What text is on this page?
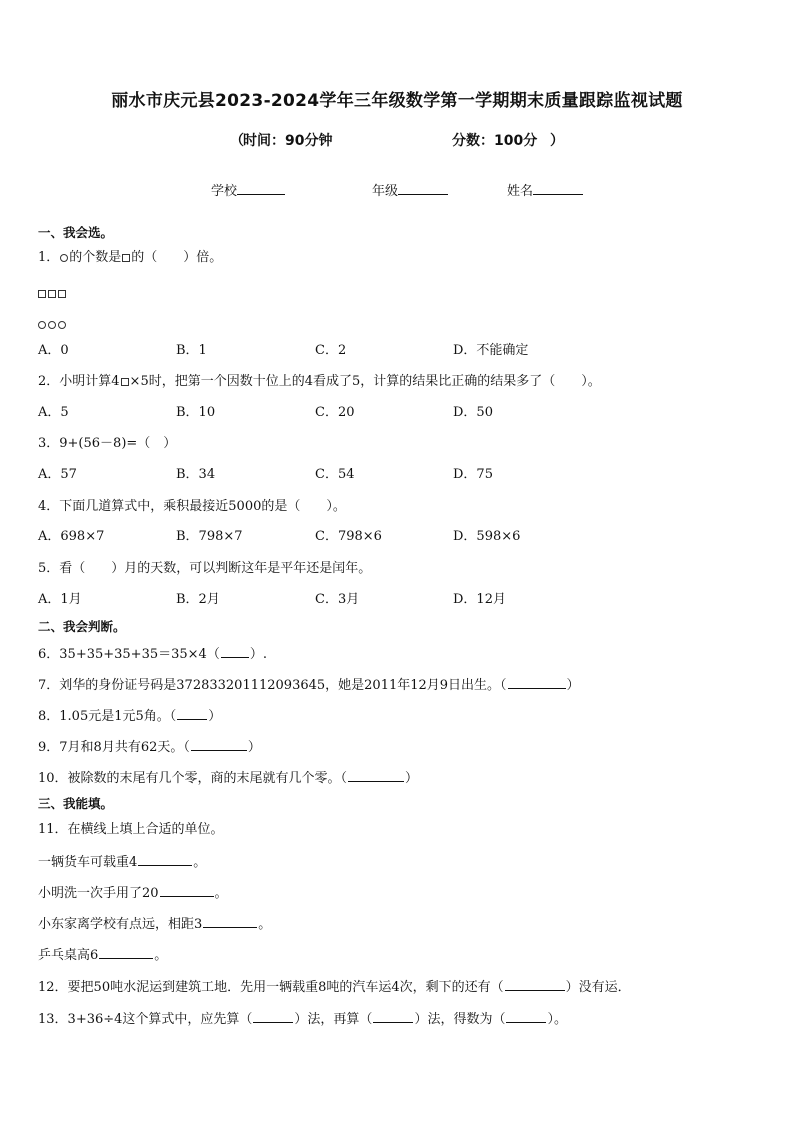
丽水市庆元县2023-2024学年三年级数学第一学期期末质量跟踪监视试题
（ 时间：90分钟	分数：100分 ）
学校	年级	姓名
一、我会选。
1． 的个数是 的（　　）倍。
A．0	B．1	C．2	D．不能确定
2．小明计算4 ×5时，把第一个因数十位上的4看成了5，计算的结果比正确的结果多了（　　）。
A．5	B．10	C．20	D．50
3．9+(56－8)=（　）
A．57	B．34	C．54	D．75
4．下面几道算式中，乘积最接近5000的是（　　）。
A．698×7	B．798×7	C．798×6	D．598×6
5．看（　　）月的天数，可以判断这年是平年还是闰年。
A．1月	B．2月	C．3月	D．12月
二、我会判断。
6．35+35+35+35＝35×4（ ）.
7．刘华的身份证号码是372833201112093645，她是2011年12月9日出生。（	）
8．1.05元是1元5角。（ ）
9．7月和8月共有62天。（	）
10．被除数的末尾有几个零，商的末尾就有几个零。（	）
三、我能填。
11．在横线上填上合适的单位。
一辆货车可载重4	。
小明洗一次手用了20	。
小东家离学校有点远，相距3	。
乒乓桌高6	。
12．要把50吨水泥运到建筑工地．先用一辆载重8吨的汽车运4次，剩下的还有（	）没有运．
13．3+36÷4这个算式中，应先算（	）法，再算（	）法，得数为（	）。
